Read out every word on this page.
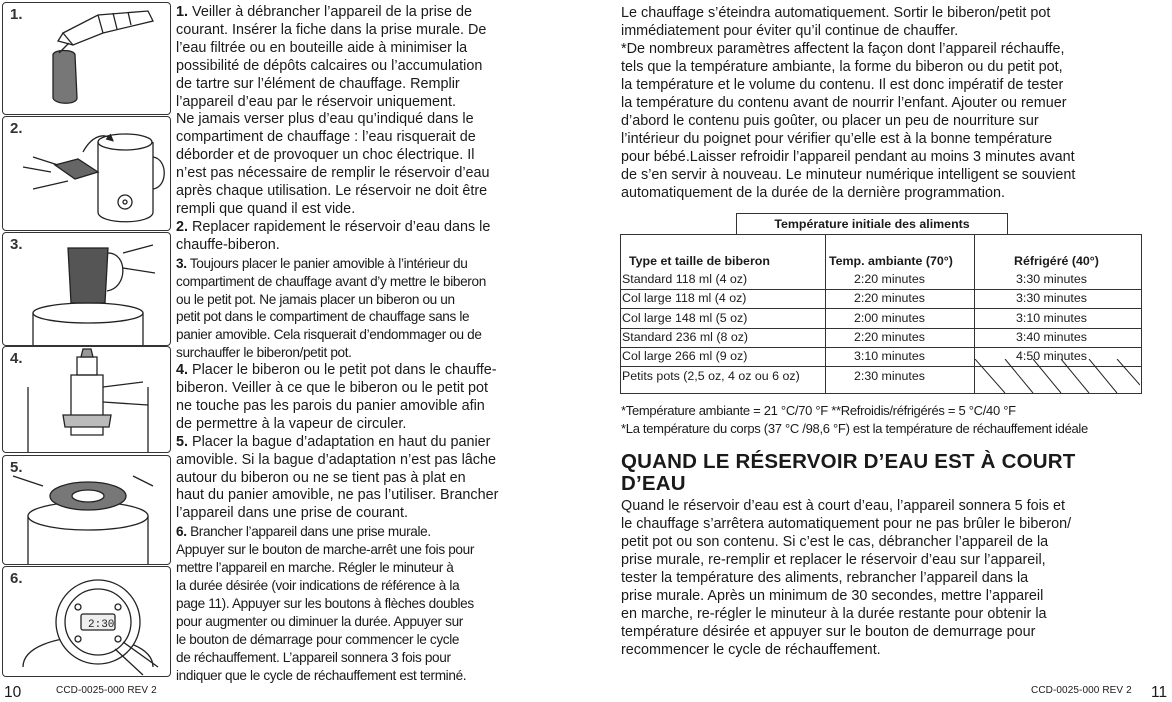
1.
2.
3.
4.
5.
2:30
6.

1. Veiller à débrancher l’appareil de la prise de
courant. Insérer la fiche dans la prise murale. De
l’eau filtrée ou en bouteille aide à minimiser la
possibilité de dépôts calcaires ou l’accumulation
de tartre sur l’élément de chauffage. Remplir
l’appareil d’eau par le réservoir uniquement.
Ne jamais verser plus d’eau qu’indiqué dans le
compartiment de chauffage : l’eau risquerait de
déborder et de provoquer un choc électrique. Il
n’est pas nécessaire de remplir le réservoir d’eau
après chaque utilisation. Le réservoir ne doit être
rempli que quand il est vide.

2. Replacer rapidement le réservoir d’eau dans le
chauffe-biberon.

3. Toujours placer le panier amovible à l’intérieur du
compartiment de chauffage avant d’y mettre le biberon
ou le petit pot. Ne jamais placer un biberon ou un
petit pot dans le compartiment de chauffage sans le
panier amovible. Cela risquerait d’endommager ou de
surchauffer le biberon/petit pot.

4. Placer le biberon ou le petit pot dans le chauffe-
biberon. Veiller à ce que le biberon ou le petit pot
ne touche pas les parois du panier amovible afin
de permettre à la vapeur de circuler.

5. Placer la bague d’adaptation en haut du panier
amovible. Si la bague d’adaptation n’est pas lâche
autour du biberon ou ne se tient pas à plat en
haut du panier amovible, ne pas l’utiliser. Brancher
l’appareil dans une prise de courant.

6. Brancher l’appareil dans une prise murale.
Appuyer sur le bouton de marche-arrêt une fois pour
mettre l’appareil en marche. Régler le minuteur à
la durée désirée (voir indications de référence à la
page 11). Appuyer sur les boutons à flèches doubles
pour augmenter ou diminuer la durée. Appuyer sur
le bouton de démarrage pour commencer le cycle
de réchauffement. L’appareil sonnera 3 fois pour
indiquer que le cycle de réchauffement est terminé.

Le chauffage s’éteindra automatiquement. Sortir le biberon/petit pot
immédiatement pour éviter qu’il continue de chauffer.

*De nombreux paramètres affectent la façon dont l’appareil réchauffe,
tels que la température ambiante, la forme du biberon ou du petit pot,
la température et le volume du contenu. Il est donc impératif de tester
la température du contenu avant de nourrir l’enfant. Ajouter ou remuer
d’abord le contenu puis goûter, ou placer un peu de nourriture sur
l’intérieur du poignet pour vérifier qu’elle est à la bonne température
pour bébé.Laisser refroidir l’appareil pendant au moins 3 minutes avant
de s’en servir à nouveau. Le minuteur numérique intelligent se souvient
automatiquement de la durée de la dernière programmation.

Température initiale des aliments
Type et taille de biberon	Temp. ambiante (70°)	Réfrigéré (40°)
Standard 118 ml (4 oz)	2:20 minutes	3:30 minutes
Col large 118 ml (4 oz)	2:20 minutes	3:30 minutes
Col large 148 ml (5 oz)	2:00 minutes	3:10 minutes
Standard 236 ml (8 oz)	2:20 minutes	3:40 minutes
Col large 266 ml (9 oz)	3:10 minutes	4:50 minutes
Petits pots (2,5 oz, 4 oz ou 6 oz)	2:30 minutes

*Température ambiante = 21 °C/70 °F **Refroidis/réfrigérés = 5 °C/40 °F

*La température du corps (37 °C /98,6 °F) est la température de réchauffement idéale

QUAND LE RÉSERVOIR D’EAU EST À COURT
D’EAU

Quand le réservoir d’eau est à court d’eau, l’appareil sonnera 5 fois et
le chauffage s’arrêtera automatiquement pour ne pas brûler le biberon/
petit pot ou son contenu. Si c’est le cas, débrancher l’appareil de la
prise murale, re-remplir et replacer le réservoir d’eau sur l’appareil,
tester la température des aliments, rebrancher l’appareil dans la
prise murale. Après un minimum de 30 secondes, mettre l’appareil
en marche, re-régler le minuteur à la durée restante pour obtenir la
température désirée et appuyer sur le bouton de demurrage pour
recommencer le cycle de réchauffement.

10	CCD-0025-000 REV 2	CCD-0025-000 REV 2 11
